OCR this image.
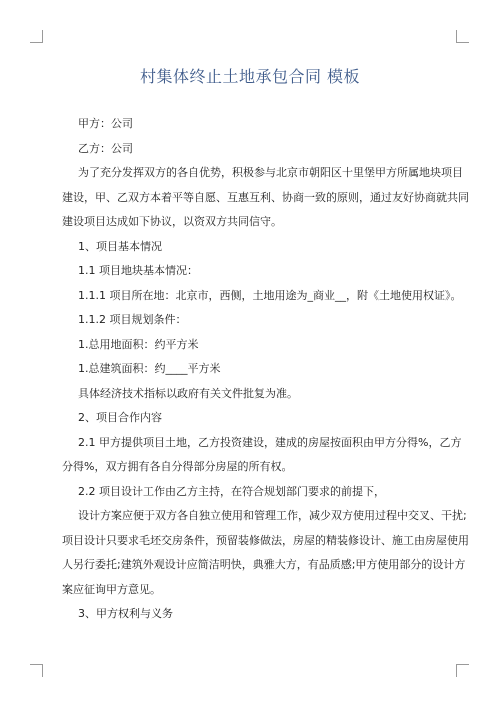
村集体终止土地承包合同 模板

甲方：公司

乙方：公司

为了充分发挥双方的各自优势，积极参与北京市朝阳区十里堡甲方所属地块项目

建设，甲、乙双方本着平等自愿、互惠互利、协商一致的原则，通过友好协商就共同

建设项目达成如下协议，以资双方共同信守。

1、项目基本情况

1.1 项目地块基本情况：

1.1.1 项目所在地：北京市，西侧，土地用途为_商业__，附《土地使用权证》。

1.1.2 项目规划条件：

1.总用地面积：约平方米

1.总建筑面积：约____平方米

具体经济技术指标以政府有关文件批复为准。

2、项目合作内容

2.1 甲方提供项目土地，乙方投资建设，建成的房屋按面积由甲方分得%，乙方

分得%，双方拥有各自分得部分房屋的所有权。

2.2 项目设计工作由乙方主持，在符合规划部门要求的前提下，

设计方案应便于双方各自独立使用和管理工作，减少双方使用过程中交叉、干扰;

项目设计只要求毛坯交房条件，预留装修做法，房屋的精装修设计、施工由房屋使用

人另行委托;建筑外观设计应简洁明快，典雅大方，有品质感;甲方使用部分的设计方

案应征询甲方意见。

3、甲方权利与义务
